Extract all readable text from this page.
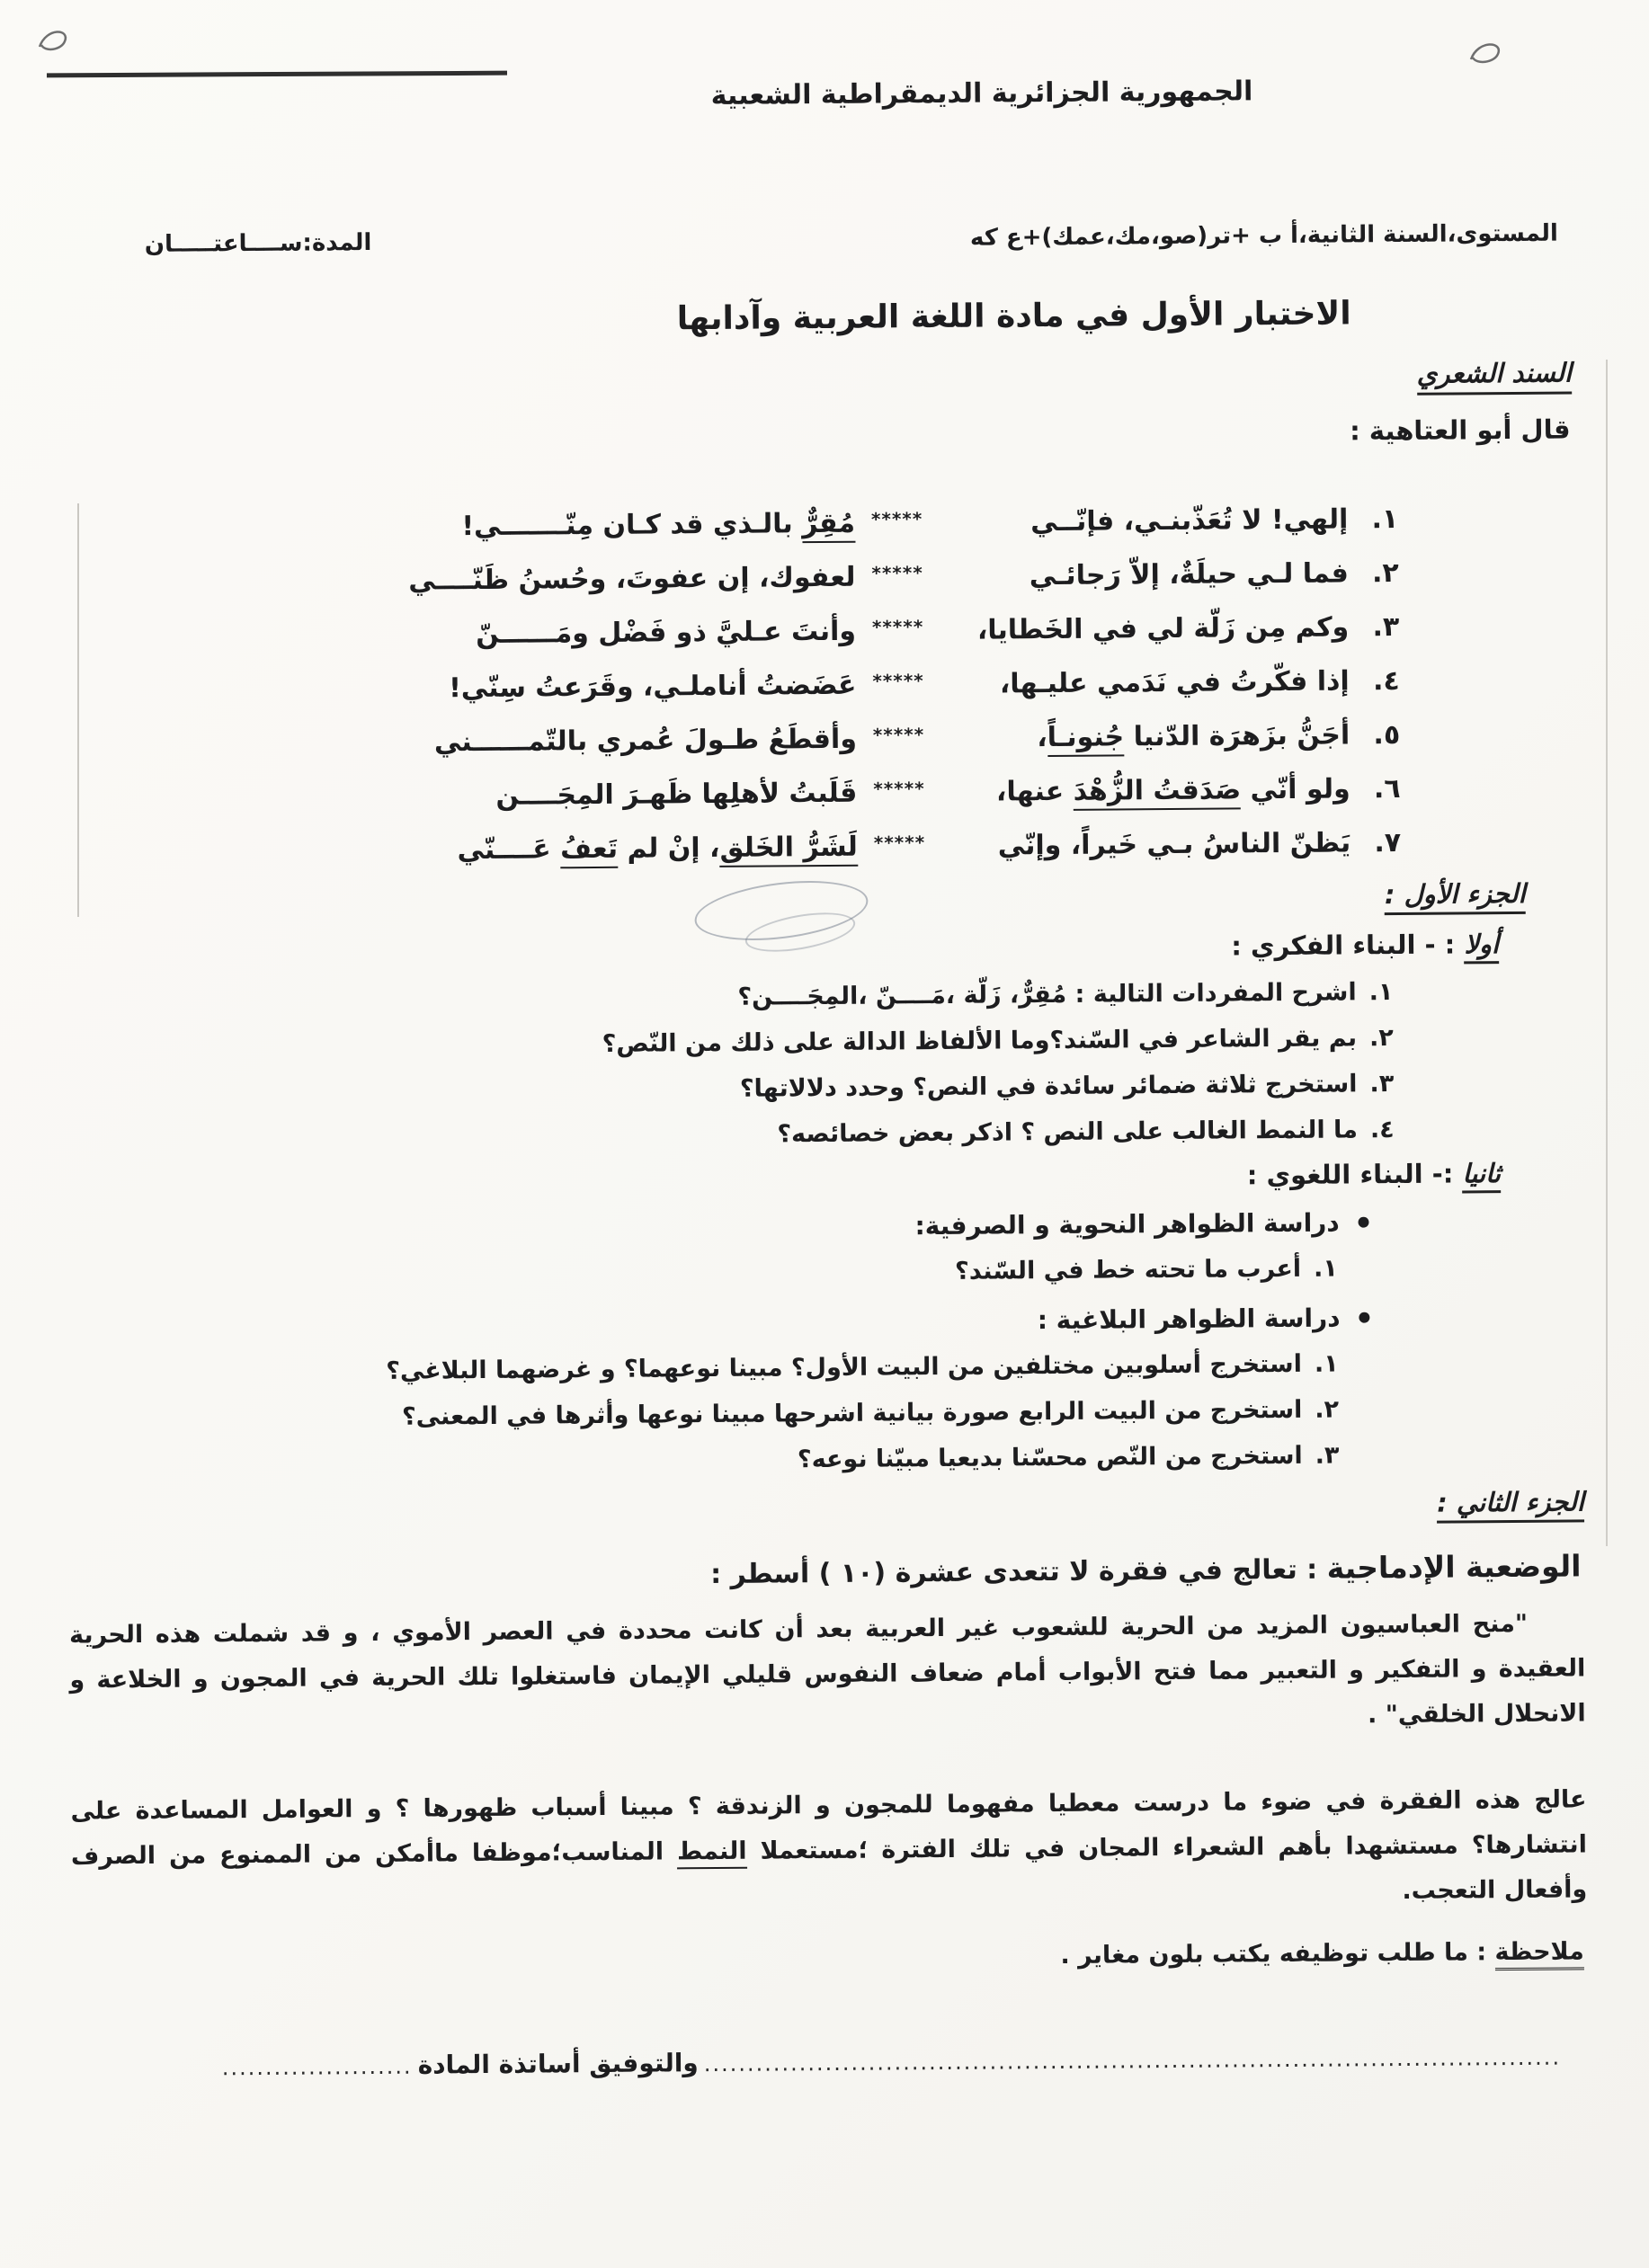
الجمهورية الجزائرية الديمقراطية الشعبية
المستوى،السنة الثانية،أ ب +تر(صو،مك،عمك)+ع كه
المدة:ســــاعتـــــان
الاختبار الأول في مادة اللغة العربية وآدابها
السند الشعري
قال أبو العتاهية :
١.
إلهي! لا تُعَذّبنـي، فإنّــي
*****
مُقِرٌّ بالـذي قد كـان مِنّـــــــي!
٢.
فما لـي حيلَةٌ، إلاّ رَجائـي
*****
لعفوك، إن عفوتَ، وحُسنُ ظَنّــــي
٣.
وكم مِن زَلّة لي في الخَطايا،
*****
وأنتَ عـليَّ ذو فَضْل ومَــــــنّ
٤.
إذا فكّرتُ في نَدَمي عليـها،
*****
عَضَضتُ أناملـي، وقَرَعتُ سِنّي!
٥.
أجَنُّ بزَهرَة الدّنيا جُنونـاً،
*****
وأقطَعُ طـولَ عُمري بالتّمــــــني
٦.
ولو أنّي صَدَقتُ الزُّهْدَ عنها،
*****
قَلَبتُ لأهلِها ظَهـرَ المِجَــــن
٧.
يَظنّ الناسُ بـي خَيراً، وإنّي
*****
لَشَرُّ الخَلق، إنْ لم تَعفُ عَــــنّي
الجزء الأول :
أولا : - البناء الفكري :
١.
اشرح المفردات التالية : مُقِرٌّ، زَلّة ،مَــــنّ ،المِجَــــن؟
٢.
بم يقر الشاعر في السّند؟وما الألفاظ الدالة على ذلك من النّص؟
٣.
استخرج ثلاثة ضمائر سائدة في النص؟ وحدد دلالاتها؟
٤.
ما النمط الغالب على النص ؟ اذكر بعض خصائصه؟
ثانيا :- البناء اللغوي :
• دراسة الظواهر النحوية و الصرفية:
١.
أعرب ما تحته خط في السّند؟
• دراسة الظواهر البلاغية :
١.
استخرج أسلوبين مختلفين من البيت الأول؟ مبينا نوعهما؟ و غرضهما البلاغي؟
٢.
استخرج من البيت الرابع صورة بيانية اشرحها مبينا نوعها وأثرها في المعنى؟
٣.
استخرج من النّص محسّنا بديعيا مبيّنا نوعه؟
الجزء الثاني :
الوضعية الإدماجية : تعالج في فقرة لا تتعدى عشرة (١٠ ) أسطر :
"منح العباسيون المزيد من الحرية للشعوب غير العربية بعد أن كانت محددة في العصر الأموي ، و قد شملت هذه الحرية العقيدة و التفكير و التعبير مما فتح الأبواب أمام ضعاف النفوس قليلي الإيمان فاستغلوا تلك الحرية في المجون و الخلاعة و الانحلال الخلقي" .
عالج هذه الفقرة في ضوء ما درست معطيا مفهوما للمجون و الزندقة ؟ مبينا أسباب ظهورها ؟ و العوامل المساعدة على انتشارها؟ مستشهدا بأهم الشعراء المجان في تلك الفترة ؛مستعملا النمط المناسب؛موظفا ماأمكن من الممنوع من الصرف وأفعال التعجب.
ملاحظة : ما طلب توظيفه يكتب بلون مغاير .
...................... والتوفيق أساتذة المادة ...................................................................................................
